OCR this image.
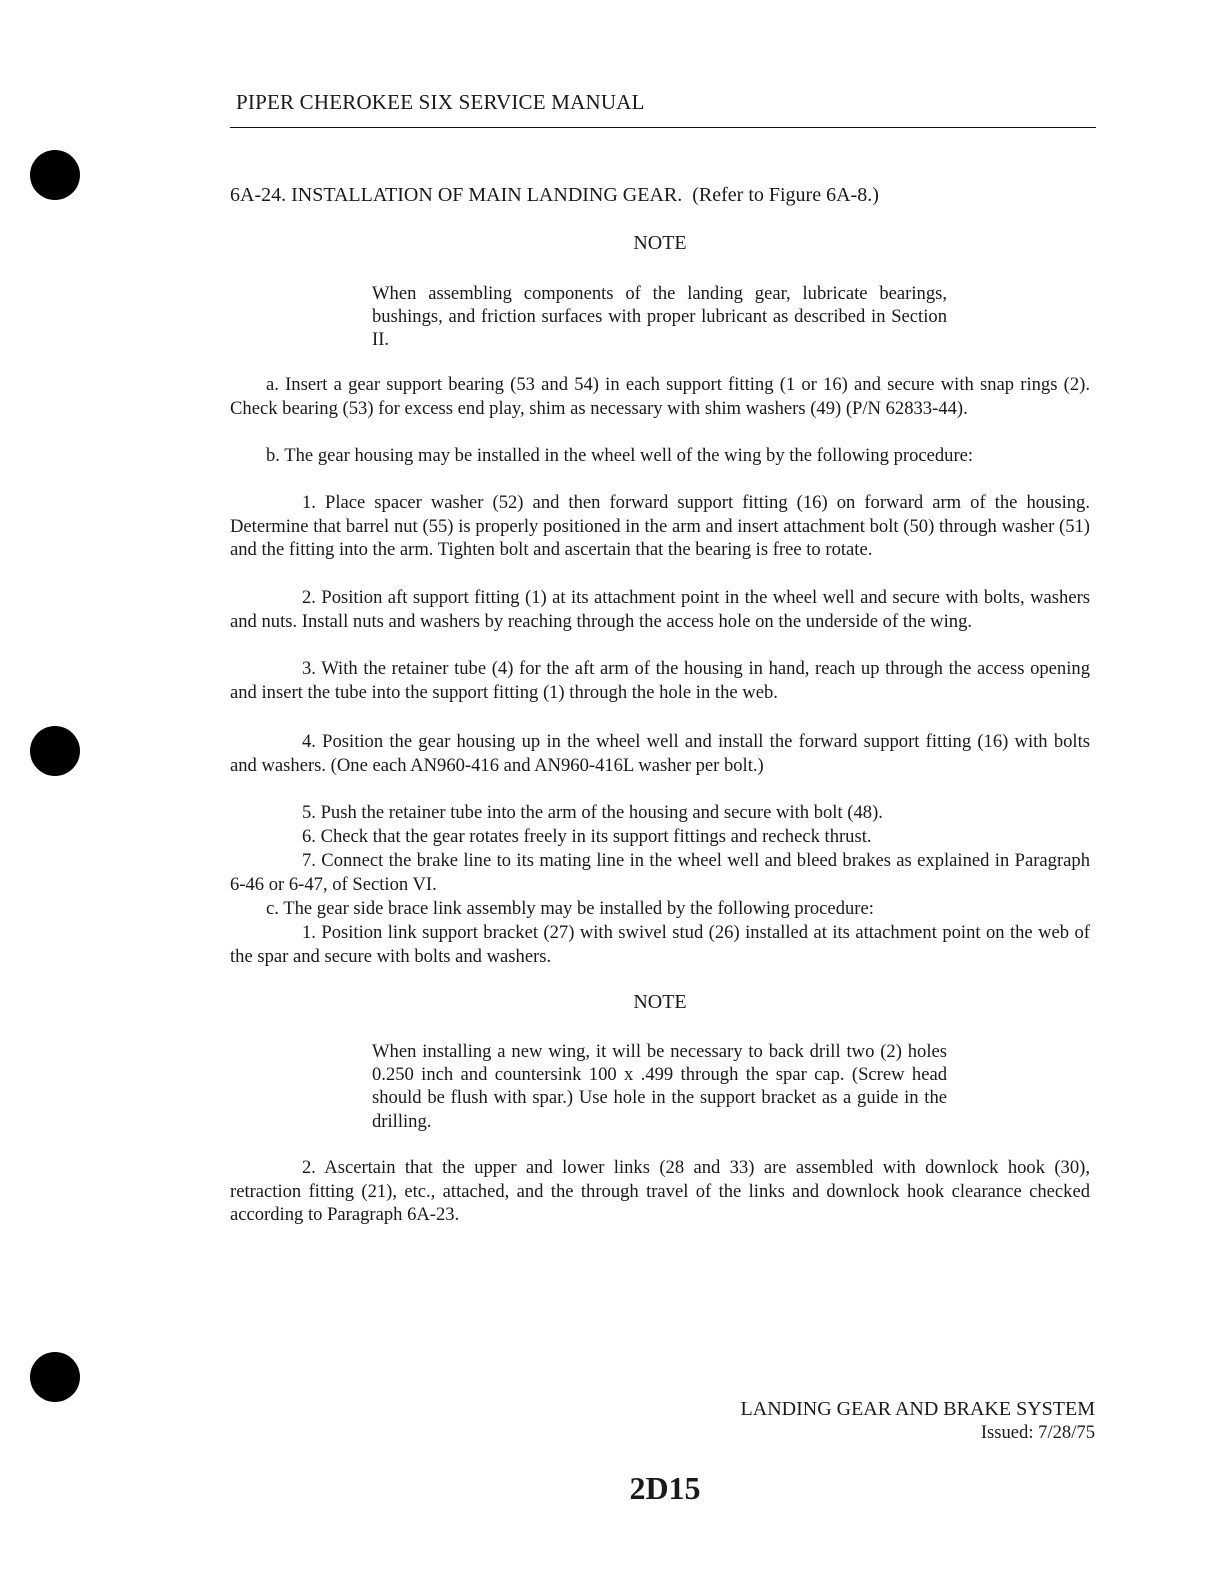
PIPER CHEROKEE SIX SERVICE MANUAL
6A-24. INSTALLATION OF MAIN LANDING GEAR. (Refer to Figure 6A-8.)
NOTE
When assembling components of the landing gear, lubricate bearings, bushings, and friction surfaces with proper lubricant as described in Section II.

a. Insert a gear support bearing (53 and 54) in each support fitting (1 or 16) and secure with snap rings (2). Check bearing (53) for excess end play, shim as necessary with shim washers (49) (P/N 62833-44).

b. The gear housing may be installed in the wheel well of the wing by the following procedure:

1. Place spacer washer (52) and then forward support fitting (16) on forward arm of the housing. Determine that barrel nut (55) is properly positioned in the arm and insert attachment bolt (50) through washer (51) and the fitting into the arm. Tighten bolt and ascertain that the bearing is free to rotate.

2. Position aft support fitting (1) at its attachment point in the wheel well and secure with bolts, washers and nuts. Install nuts and washers by reaching through the access hole on the underside of the wing.

3. With the retainer tube (4) for the aft arm of the housing in hand, reach up through the access opening and insert the tube into the support fitting (1) through the hole in the web.

4. Position the gear housing up in the wheel well and install the forward support fitting (16) with bolts and washers. (One each AN960-416 and AN960-416L washer per bolt.)

5. Push the retainer tube into the arm of the housing and secure with bolt (48).

6. Check that the gear rotates freely in its support fittings and recheck thrust.

7. Connect the brake line to its mating line in the wheel well and bleed brakes as explained in Paragraph 6-46 or 6-47, of Section VI.

c. The gear side brace link assembly may be installed by the following procedure:

1. Position link support bracket (27) with swivel stud (26) installed at its attachment point on the web of the spar and secure with bolts and washers.

NOTE
When installing a new wing, it will be necessary to back drill two (2) holes 0.250 inch and countersink 100 x .499 through the spar cap. (Screw head should be flush with spar.) Use hole in the support bracket as a guide in the drilling.

2. Ascertain that the upper and lower links (28 and 33) are assembled with downlock hook (30), retraction fitting (21), etc., attached, and the through travel of the links and downlock hook clearance checked according to Paragraph 6A-23.

LANDING GEAR AND BRAKE SYSTEM
Issued: 7/28/75
2D15
